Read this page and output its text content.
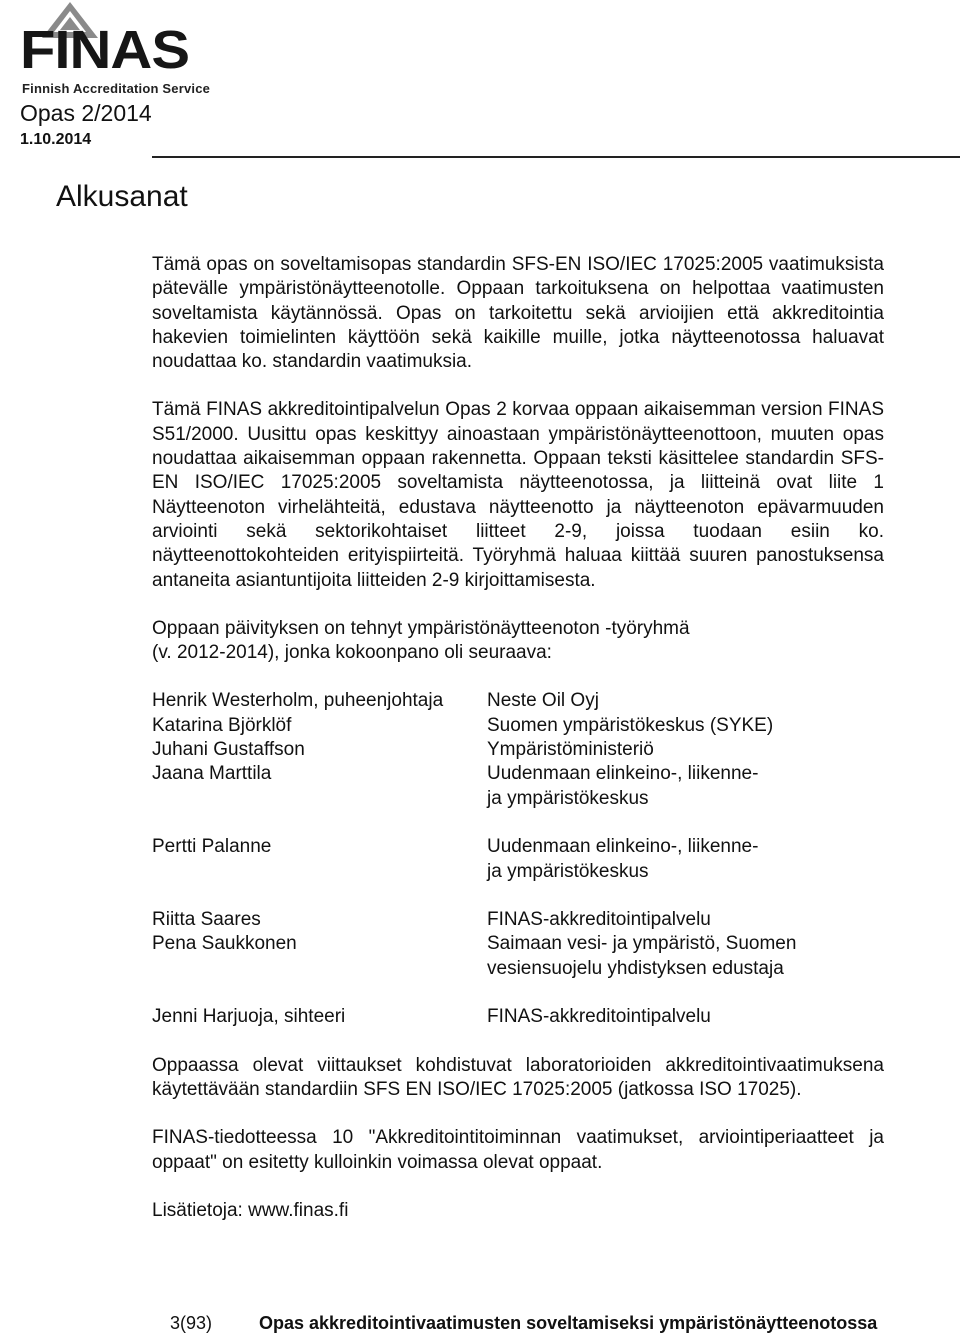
FINAS
Finnish Accreditation Service
Opas 2/2014
1.10.2014
Alkusanat

Tämä opas on soveltamisopas standardin SFS-EN ISO/IEC 17025:2005 vaatimuksista pätevälle ympäristönäytteenotolle. Oppaan tarkoituksena on helpottaa vaatimusten soveltamista käytännössä. Opas on tarkoitettu sekä arvioijien että akkreditointia hakevien toimielinten käyttöön sekä kaikille muille, jotka näytteenotossa haluavat noudattaa ko. standardin vaatimuksia.

Tämä FINAS akkreditointipalvelun Opas 2 korvaa oppaan aikaisemman version FINAS S51/2000. Uusittu opas keskittyy ainoastaan ympäristönäytteenottoon, muuten opas noudattaa aikaisemman oppaan rakennetta. Oppaan teksti käsittelee standardin SFS-EN ISO/IEC 17025:2005 soveltamista näytteenotossa, ja liitteinä ovat liite 1 Näytteenoton virhelähteitä, edustava näytteenotto ja näytteenoton epävarmuuden arviointi sekä sektorikohtaiset liitteet 2-9, joissa tuodaan esiin ko. näytteenottokohteiden erityispiirteitä. Työryhmä haluaa kiittää suuren panostuksensa antaneita asiantuntijoita liitteiden 2-9 kirjoittamisesta.

Oppaan päivityksen on tehnyt ympäristönäytteenoton -työryhmä
(v. 2012-2014), jonka kokoonpano oli seuraava:

Henrik Westerholm, puheenjohtaja	Neste Oil Oyj
Katarina Björklöf	Suomen ympäristökeskus (SYKE)
Juhani Gustaffson	Ympäristöministeriö
Jaana Marttila	Uudenmaan elinkeino-, liikenne-
ja ympäristökeskus
Pertti Palanne	Uudenmaan elinkeino-, liikenne-
ja ympäristökeskus
Riitta Saares	FINAS-akkreditointipalvelu
Pena Saukkonen	Saimaan vesi- ja ympäristö, Suomen
vesiensuojelu yhdistyksen edustaja
Jenni Harjuoja, sihteeri	FINAS-akkreditointipalvelu

Oppaassa olevat viittaukset kohdistuvat laboratorioiden akkreditointivaatimuksena käytettävään standardiin SFS EN ISO/IEC 17025:2005 (jatkossa ISO 17025).

FINAS-tiedotteessa 10 "Akkreditointitoiminnan vaatimukset, arviointiperiaatteet ja oppaat" on esitetty kulloinkin voimassa olevat oppaat.

Lisätietoja: www.finas.fi

3(93)	Opas akkreditointivaatimusten soveltamiseksi ympäristönäytteenotossa
